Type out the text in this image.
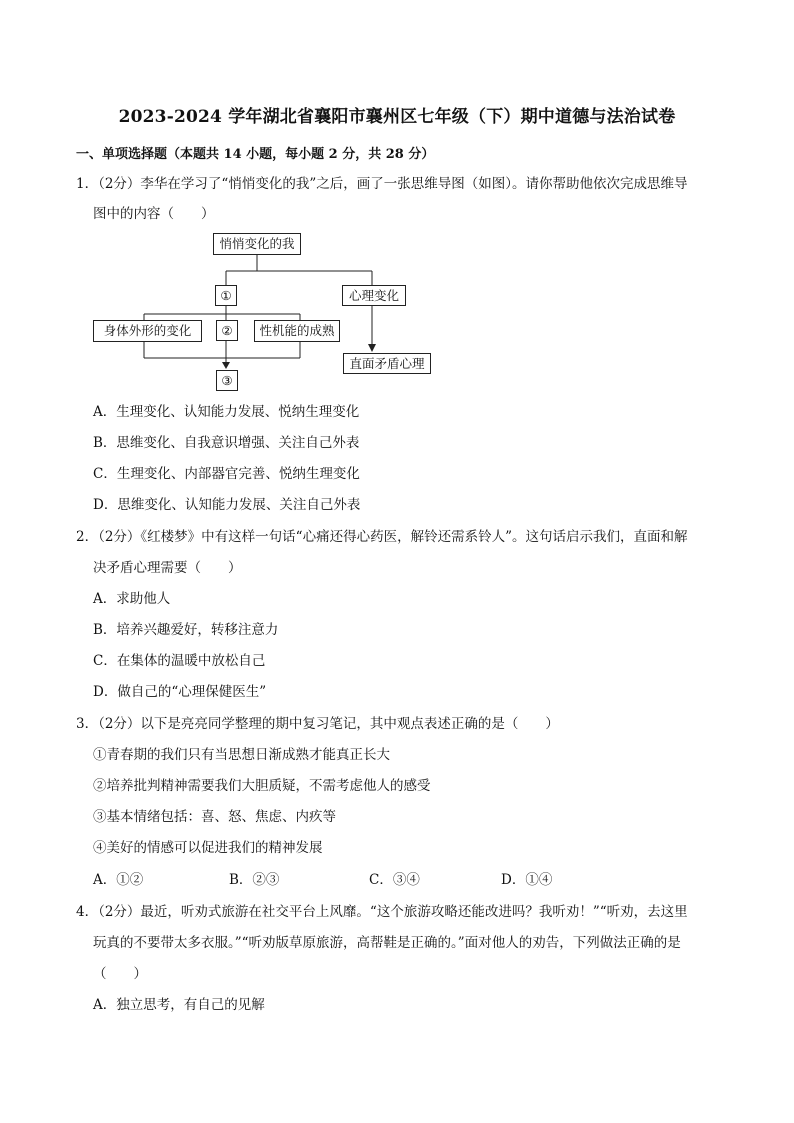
2023-2024 学年湖北省襄阳市襄州区七年级（下）期中道德与法治试卷
一、单项选择题（本题共 14 小题，每小题 2 分，共 28 分）
1．（2分）李华在学习了“悄悄变化的我”之后，画了一张思维导图（如图）。请你帮助他依次完成思维导
图中的内容（　　）
悄悄变化的我
①	心理变化
身体外形的变化	②	性机能的成熟
直面矛盾心理
③
A．生理变化、认知能力发展、悦纳生理变化
B．思维变化、自我意识增强、关注自己外表
C．生理变化、内部器官完善、悦纳生理变化
D．思维变化、认知能力发展、关注自己外表
2．（2分）《红楼梦》中有这样一句话“心痛还得心药医，解铃还需系铃人”。这句话启示我们，直面和解
决矛盾心理需要（　　）
A．求助他人
B．培养兴趣爱好，转移注意力
C．在集体的温暖中放松自己
D．做自己的“心理保健医生”
3．（2分）以下是亮亮同学整理的期中复习笔记，其中观点表述正确的是（　　）
①青春期的我们只有当思想日渐成熟才能真正长大
②培养批判精神需要我们大胆质疑，不需考虑他人的感受
③基本情绪包括：喜、怒、焦虑、内疚等
④美好的情感可以促进我们的精神发展
A．①②	B．②③	C．③④	D．①④
4．（2分）最近，听劝式旅游在社交平台上风靡。“这个旅游攻略还能改进吗？我听劝！”“听劝，去这里
玩真的不要带太多衣服。”“听劝版草原旅游，高帮鞋是正确的。”面对他人的劝告，下列做法正确的是
（　　）
A．独立思考，有自己的见解
